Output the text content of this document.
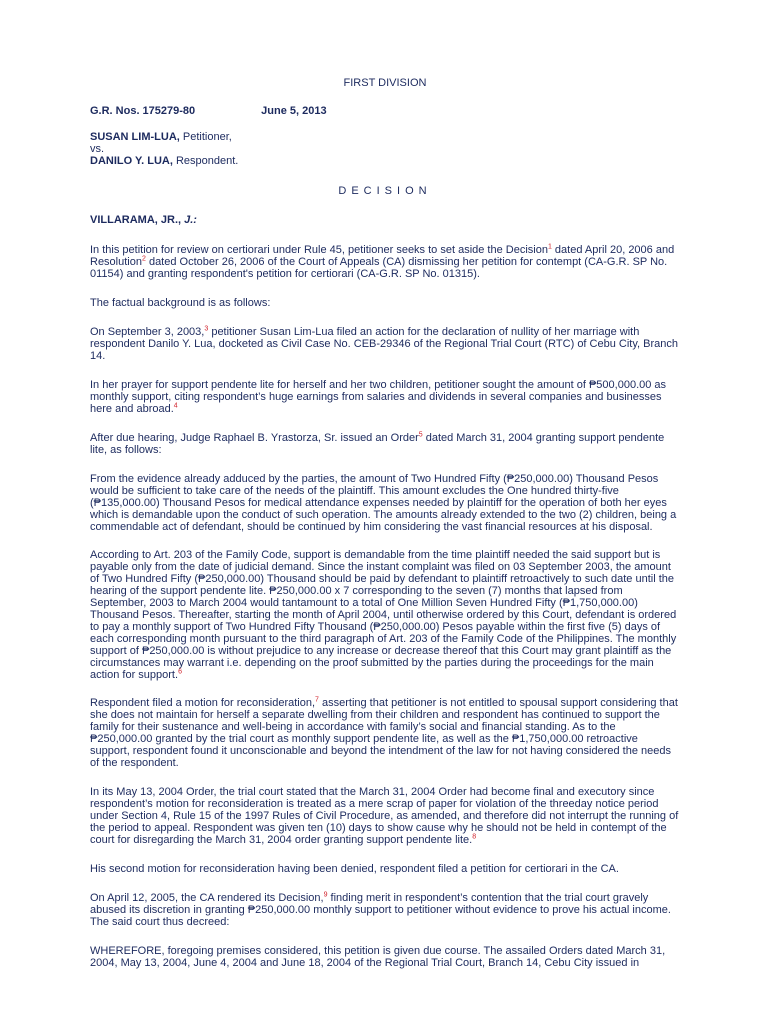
FIRST DIVISION
G.R. Nos. 175279-80	June 5, 2013
SUSAN LIM-LUA, Petitioner,
vs.
DANILO Y. LUA, Respondent.
DECISION
VILLARAMA, JR., J.:

In this petition for review on certiorari under Rule 45, petitioner seeks to set aside the Decision$^1$ dated April 20, 2006 and Resolution$^2$ dated October 26, 2006 of the Court of Appeals (CA) dismissing her petition for contempt (CA-G.R. SP No. 01154) and granting respondent's petition for certiorari (CA-G.R. SP No. 01315).

The factual background is as follows:

On September 3, 2003,$^3$ petitioner Susan Lim-Lua filed an action for the declaration of nullity of her marriage with respondent Danilo Y. Lua, docketed as Civil Case No. CEB-29346 of the Regional Trial Court (RTC) of Cebu City, Branch 14.

In her prayer for support pendente lite for herself and her two children, petitioner sought the amount of ₱500,000.00 as monthly support, citing respondent’s huge earnings from salaries and dividends in several companies and businesses here and abroad.$^4$

After due hearing, Judge Raphael B. Yrastorza, Sr. issued an Order$^5$ dated March 31, 2004 granting support pendente lite, as follows:

From the evidence already adduced by the parties, the amount of Two Hundred Fifty (₱250,000.00) Thousand Pesos would be sufficient to take care of the needs of the plaintiff. This amount excludes the One hundred thirty-five (₱135,000.00) Thousand Pesos for medical attendance expenses needed by plaintiff for the operation of both her eyes which is demandable upon the conduct of such operation. The amounts already extended to the two (2) children, being a commendable act of defendant, should be continued by him considering the vast financial resources at his disposal.

According to Art. 203 of the Family Code, support is demandable from the time plaintiff needed the said support but is payable only from the date of judicial demand. Since the instant complaint was filed on 03 September 2003, the amount of Two Hundred Fifty (₱250,000.00) Thousand should be paid by defendant to plaintiff retroactively to such date until the hearing of the support pendente lite. ₱250,000.00 x 7 corresponding to the seven (7) months that lapsed from September, 2003 to March 2004 would tantamount to a total of One Million Seven Hundred Fifty (₱1,750,000.00) Thousand Pesos. Thereafter, starting the month of April 2004, until otherwise ordered by this Court, defendant is ordered to pay a monthly support of Two Hundred Fifty Thousand (₱250,000.00) Pesos payable within the first five (5) days of each corresponding month pursuant to the third paragraph of Art. 203 of the Family Code of the Philippines. The monthly support of ₱250,000.00 is without prejudice to any increase or decrease thereof that this Court may grant plaintiff as the circumstances may warrant i.e. depending on the proof submitted by the parties during the proceedings for the main action for support.$^6$

Respondent filed a motion for reconsideration,$^7$ asserting that petitioner is not entitled to spousal support considering that she does not maintain for herself a separate dwelling from their children and respondent has continued to support the family for their sustenance and well-being in accordance with family’s social and financial standing. As to the ₱250,000.00 granted by the trial court as monthly support pendente lite, as well as the ₱1,750,000.00 retroactive support, respondent found it unconscionable and beyond the intendment of the law for not having considered the needs of the respondent.

In its May 13, 2004 Order, the trial court stated that the March 31, 2004 Order had become final and executory since respondent’s motion for reconsideration is treated as a mere scrap of paper for violation of the threeday notice period under Section 4, Rule 15 of the 1997 Rules of Civil Procedure, as amended, and therefore did not interrupt the running of the period to appeal. Respondent was given ten (10) days to show cause why he should not be held in contempt of the court for disregarding the March 31, 2004 order granting support pendente lite.$^8$

His second motion for reconsideration having been denied, respondent filed a petition for certiorari in the CA.

On April 12, 2005, the CA rendered its Decision,$^9$ finding merit in respondent’s contention that the trial court gravely abused its discretion in granting ₱250,000.00 monthly support to petitioner without evidence to prove his actual income. The said court thus decreed:

WHEREFORE, foregoing premises considered, this petition is given due course. The assailed Orders dated March 31, 2004, May 13, 2004, June 4, 2004 and June 18, 2004 of the Regional Trial Court, Branch 14, Cebu City issued in
